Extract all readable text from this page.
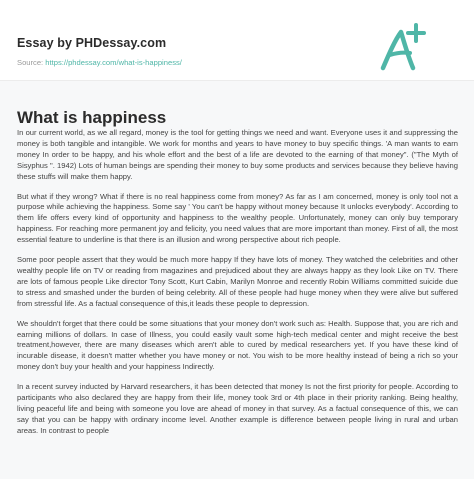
Essay by PHDessay.com
Source: https://phdessay.com/what-is-happiness/
What is happiness

In our current world, as we all regard, money is the tool for getting things we need and want. Everyone uses it and suppressing the money is both tangible and intangible. We work for months and years to have money to buy specific things. 'A man wants to earn money In order to be happy, and his whole effort and the best of a life are devoted to the earning of that money". ("The Myth of Sisyphus ". 1942) Lots of human beings are spending their money to buy some products and services because they believe having these stuffs will make them happy.

But what if they wrong? What if there is no real happiness come from money? As far as I am concerned, money is only tool not a purpose while achieving the happiness. Some say ' You can't be happy without money because It unlocks everybody'. According to them life offers every kind of opportunity and happiness to the wealthy people. Unfortunately, money can only buy temporary happiness. For reaching more permanent joy and felicity, you need values that are more important than money. First of all, the most essential feature to underline is that there is an illusion and wrong perspective about rich people.

Some poor people assert that they would be much more happy If they have lots of money. They watched the celebrities and other wealthy people life on TV or reading from magazines and prejudiced about they are always happy as they look Like on TV. There are lots of famous people Like director Tony Scott, Kurt Cabin, Marilyn Monroe and recently Robin Williams committed suicide due to stress and smashed under the burden of being celebrity. All of these people had huge money when they were alive but suffered from stressful life. As a factual consequence of this,it leads these people to depression.

We shouldn't forget that there could be some situations that your money don't work such as: Health. Suppose that, you are rich and earning millions of dollars. In case of Illness, you could easily vault some high-tech medical center and might receive the best treatment,however, there are many diseases which aren't able to cured by medical researchers yet. If you have these kind of incurable disease, it doesn't matter whether you have money or not. You wish to be more healthy instead of being a rich so your money don't buy your health and your happiness Indirectly.

In a recent survey inducted by Harvard researchers, it has been detected that money Is not the first priority for people. According to participants who also declared they are happy from their life, money took 3rd or 4th place in their priority ranking. Being healthy, living peaceful life and being with someone you love are ahead of money in that survey. As a factual consequence of this, we can say that you can be happy with ordinary income level. Another example is difference between people living in rural and urban areas. In contrast to people
